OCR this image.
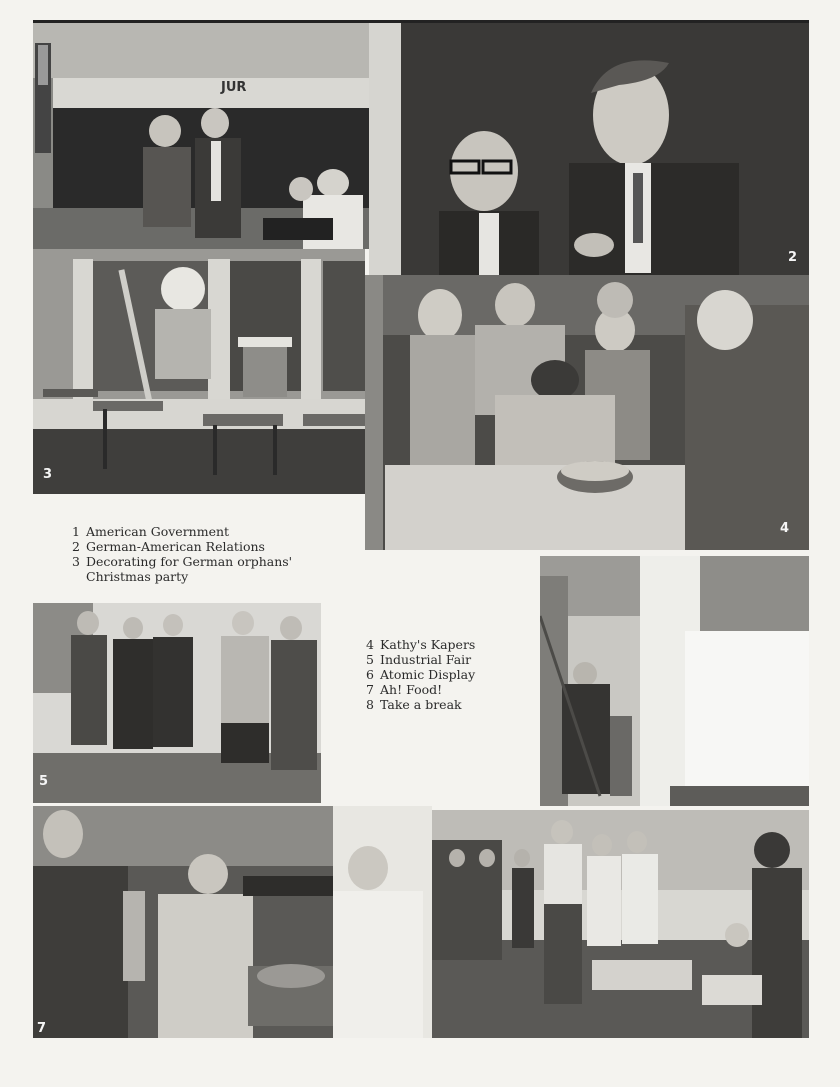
JUR
2
3
4
1 American Government
2 German-American Relations
3 Decorating for German orphans'
Christmas party
5
4 Kathy's Kapers
5 Industrial Fair
6 Atomic Display
7 Ah! Food!
8 Take a break
7
